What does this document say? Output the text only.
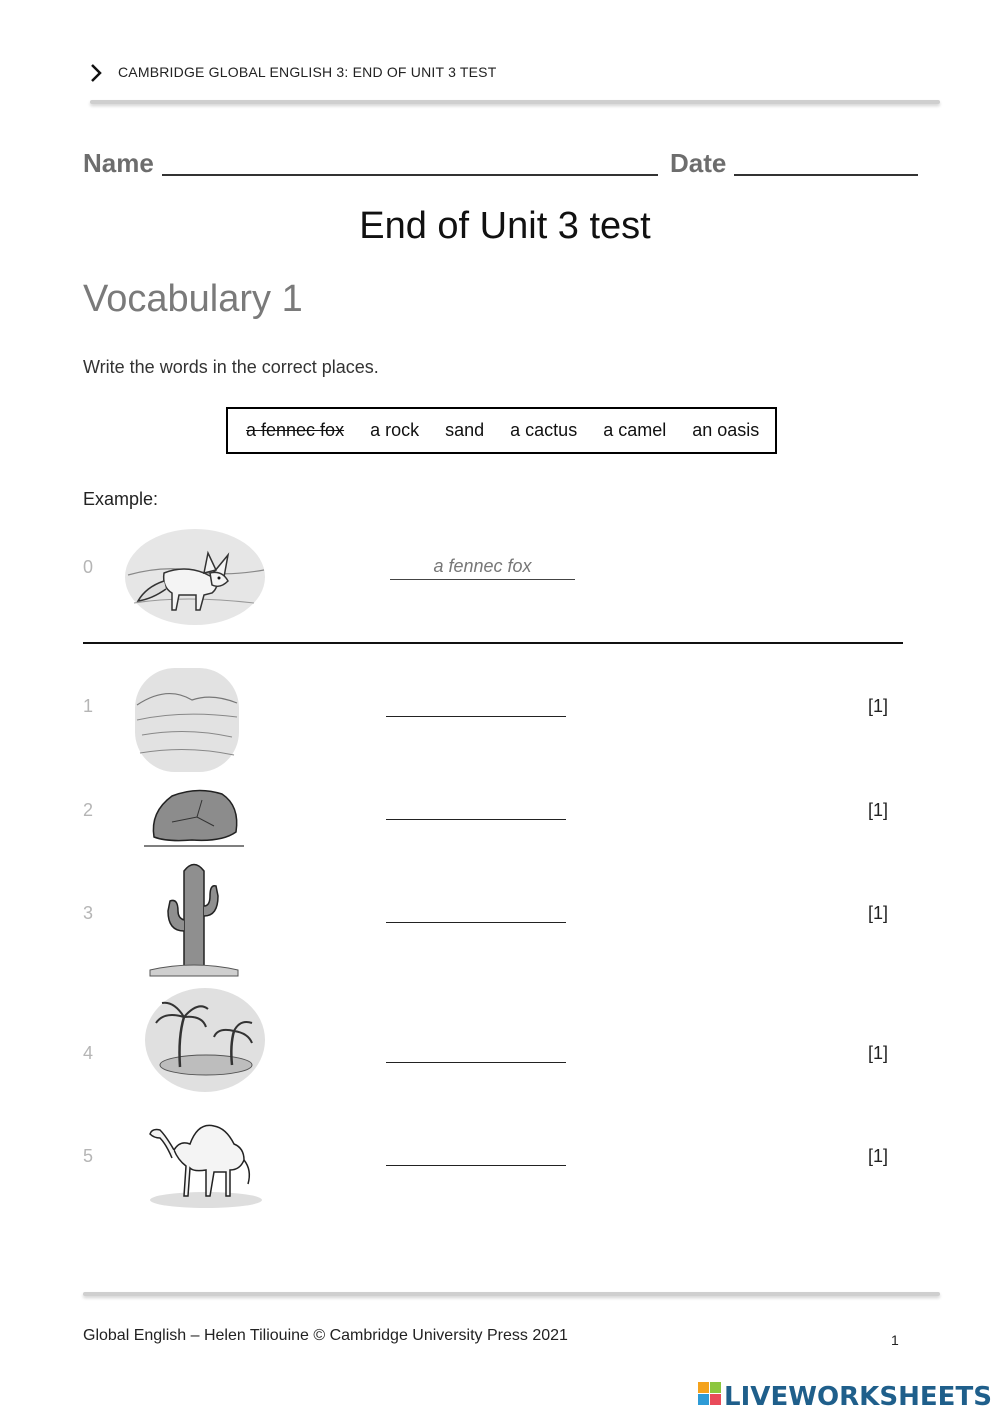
CAMBRIDGE GLOBAL ENGLISH 3: END OF UNIT 3 TEST
Name	Date
End of Unit 3 test
Vocabulary 1
Write the words in the correct places.
a fennec fox a rock sand a cactus a camel an oasis
Example:
0	a fennec fox
1	[1]
2	[1]
3	[1]
4	[1]
5	[1]
Global English – Helen Tiliouine © Cambridge University Press 2021	1
LIVEWORKSHEETS
